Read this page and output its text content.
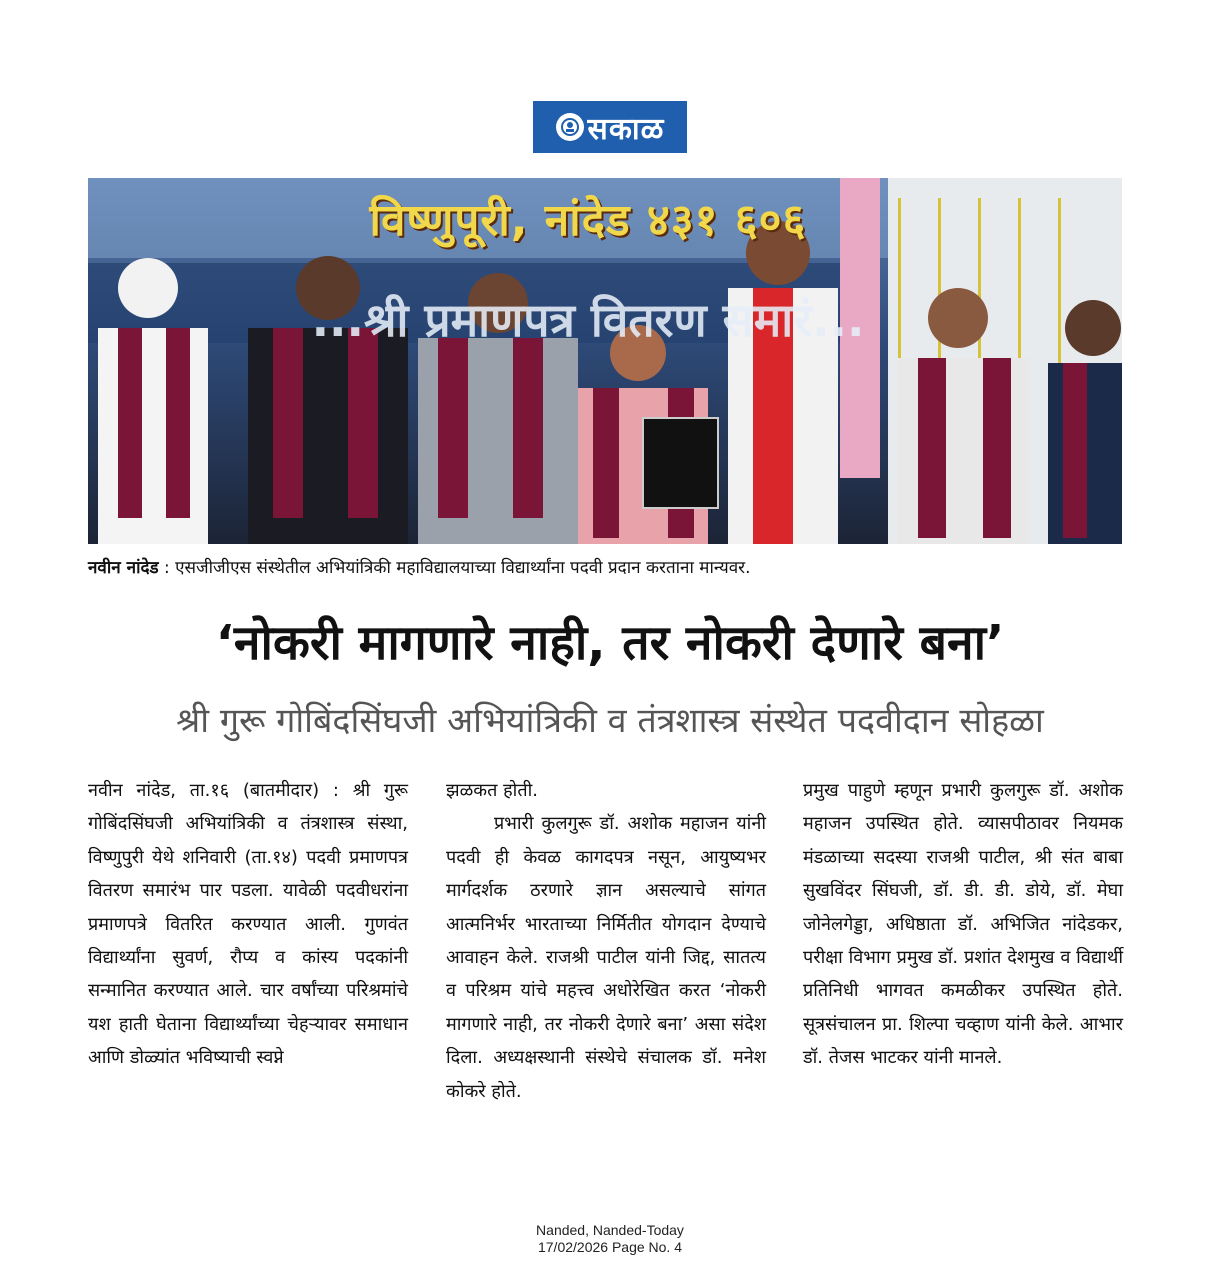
सकाळ
विष्णुपूरी, नांदेड ४३१ ६०६
...श्री प्रमाणपत्र वितरण समारं...
नवीन नांदेड : एसजीजीएस संस्थेतील अभियांत्रिकी महाविद्यालयाच्या विद्यार्थ्यांना पदवी प्रदान करताना मान्यवर.
‘नोकरी मागणारे नाही, तर नोकरी देणारे बना’
श्री गुरू गोबिंदसिंघजी अभियांत्रिकी व तंत्रशास्त्र संस्थेत पदवीदान सोहळा

नवीन नांदेड, ता.१६ (बातमीदार) : श्री गुरू गोबिंदसिंघजी अभियांत्रिकी व तंत्रशास्त्र संस्था, विष्णुपुरी येथे शनिवारी (ता.१४) पदवी प्रमाणपत्र वितरण समारंभ पार पडला. यावेळी पदवीधरांना प्रमाणपत्रे वितरित करण्यात आली. गुणवंत विद्यार्थ्यांना सुवर्ण, रौप्य व कांस्य पदकांनी सन्मानित करण्यात आले. चार वर्षांच्या परिश्रमांचे यश हाती घेताना विद्यार्थ्यांच्या चेहऱ्यावर समाधान आणि डोळ्यांत भविष्याची स्वप्ने

झळकत होती.

प्रभारी कुलगुरू डॉ. अशोक महाजन यांनी पदवी ही केवळ कागदपत्र नसून, आयुष्यभर मार्गदर्शक ठरणारे ज्ञान असल्याचे सांगत आत्मनिर्भर भारताच्या निर्मितीत योगदान देण्याचे आवाहन केले. राजश्री पाटील यांनी जिद्द, सातत्य व परिश्रम यांचे महत्त्व अधोरेखित करत ‘नोकरी मागणारे नाही, तर नोकरी देणारे बना’ असा संदेश दिला. अध्यक्षस्थानी संस्थेचे संचालक डॉ. मनेश कोकरे होते.

प्रमुख पाहुणे म्हणून प्रभारी कुलगुरू डॉ. अशोक महाजन उपस्थित होते. व्यासपीठावर नियमक मंडळाच्या सदस्या राजश्री पाटील, श्री संत बाबा सुखविंदर सिंघजी, डॉ. डी. डी. डोये, डॉ. मेघा जोनेलगेड्डा, अधिष्ठाता डॉ. अभिजित नांदेडकर, परीक्षा विभाग प्रमुख डॉ. प्रशांत देशमुख व विद्यार्थी प्रतिनिधी भागवत कमळीकर उपस्थित होते. सूत्रसंचालन प्रा. शिल्पा चव्हाण यांनी केले. आभार डॉ. तेजस भाटकर यांनी मानले.

Nanded, Nanded-Today
17/02/2026 Page No. 4
